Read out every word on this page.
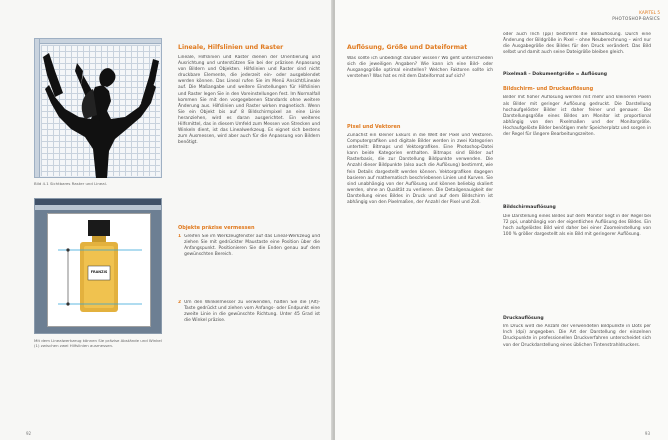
Bild 4.1 Sichtbares Raster und Lineal.
FRANZIS
Mit dem Linealwerkzeug können Sie präzise Abstände und Winkel (1) zwischen zwei Hilfslinien ausmessen.
Lineale, Hilfslinien und Raster
Lineale, Hilfslinien und Raster dienen der Orientierung und Ausrichtung und unterstützen Sie bei der präzisen Anpassung von Bildern und Objekten. Hilfslinien und Raster sind nicht druckbare Elemente, die jederzeit ein- oder ausgeblendet werden können. Das Lineal rufen Sie im Menü Ansicht/Lineale auf. Die Maßangabe und weitere Einstellungen für Hilfslinien und Raster legen Sie in den Voreinstellungen fest. Im Normalfall kommen Sie mit den vorgegebenen Standards ohne weitere Änderung aus. Hilfslinien und Raster wirken magnetisch. Wenn Sie ein Objekt bis auf 8 Bildschirmpixel an eine Linie heranziehen, wird es daran ausgerichtet. Ein weiteres Hilfsmittel, das in diesem Umfeld zum Messen von Strecken und Winkeln dient, ist das Linealwerkzeug. Es eignet sich bestens zum Ausmessen, wird aber auch für die Anpassung von Bildern benötigt.
Objekte präzise vermessen
1 Greifen Sie im Werkzeugfenster auf das Lineal-Werkzeug und ziehen Sie mit gedrückter Maustaste eine Position über die Anfangspunkt. Positionieren Sie die Enden genau auf dem gewünschten Bereich.
2 Um den Winkelmesser zu verwenden, halten Sie die [Alt]-Taste gedrückt und ziehen vom Anfangs- oder Endpunkt eine zweite Linie in die gewünschte Richtung. Unter 45 Grad ist die Winkel präzise.
92
KAPITEL 5
PHOTOSHOP-BASICS
Auflösung, Größe und Dateiformat
Was sollte ich unbedingt darüber wissen? Wo geht unterschieden sich die jeweiligen Angaben? Wie kann ich eine Bild- oder Ausgangsgröße optimal einstellen? Welchen Faktoren sollte ich verstehen? Was hat es mit dem Dateiformat auf sich?
Pixel und Vektoren
Zunächst ein kleiner Exkurs in die Welt der Pixel und Vektoren. Computergrafiken und digitale Bilder werden in zwei Kategorien unterteilt: Bitmaps und Vektorgrafiken. Eine Photoshop-Datei kann beide Kategorien enthalten. Bitmaps sind Bilder auf Rasterbasis, die zur Darstellung Bildpunkte verwenden. Die Anzahl dieser Bildpunkte (also auch die Auflösung) bestimmt, wie fein Details dargestellt werden können. Vektorgrafiken dagegen basieren auf mathematisch beschriebenen Linien und Kurven. Sie sind unabhängig von der Auflösung und können beliebig skaliert werden, ohne an Qualität zu verlieren. Die Detailgenauigkeit der Darstellung eines Bildes in Druck und auf dem Bildschirm ist abhängig von den Pixelmaßen, der Anzahl der Pixel und Zoll.
oder auch Inch (ppi) bestimmt die Bildauflösung. Durch eine Änderung der Bildgröße in Pixel – ohne Neuberechnung – wird nur die Ausgabegröße des Bildes für den Druck verändert. Das Bild selbst und damit auch seine Dateigröße bleiben gleich.
Pixelmaß – Dokumentgröße = Auflösung
Bildschirm- und Druckauflösung
Bilder mit hoher Auflösung werden mit mehr und kleineren Pixeln als Bilder mit geringer Auflösung gedruckt. Die Darstellung hochaufgelöster Bilder ist daher feiner und genauer. Die Darstellungsgröße eines Bildes am Monitor ist proportional abhängig von den Pixelmaßen und der Monitorgröße. Hochaufgelöste Bilder benötigen mehr Speicherplatz und sorgen in der Regel für längere Bearbeitungszeiten.
Bildschirmauflösung
Die Darstellung eines Bildes auf dem Monitor liegt in der Regel bei 72 ppi, unabhängig von der eigentlichen Auflösung des Bildes. Ein hoch aufgelöstes Bild wird daher bei einer Zoomeinstellung von 100 % größer dargestellt als ein Bild mit geringerer Auflösung.
Druckauflösung
Im Druck wird die Anzahl der verwendeten Bildpunkte in Dots per Inch (dpi) angegeben. Die Art der Darstellung der einzelnen Druckpunkte in professionellen Druckverfahren unterscheidet sich von der Druckdarstellung eines üblichen Tintenstrahldruckers.
93
